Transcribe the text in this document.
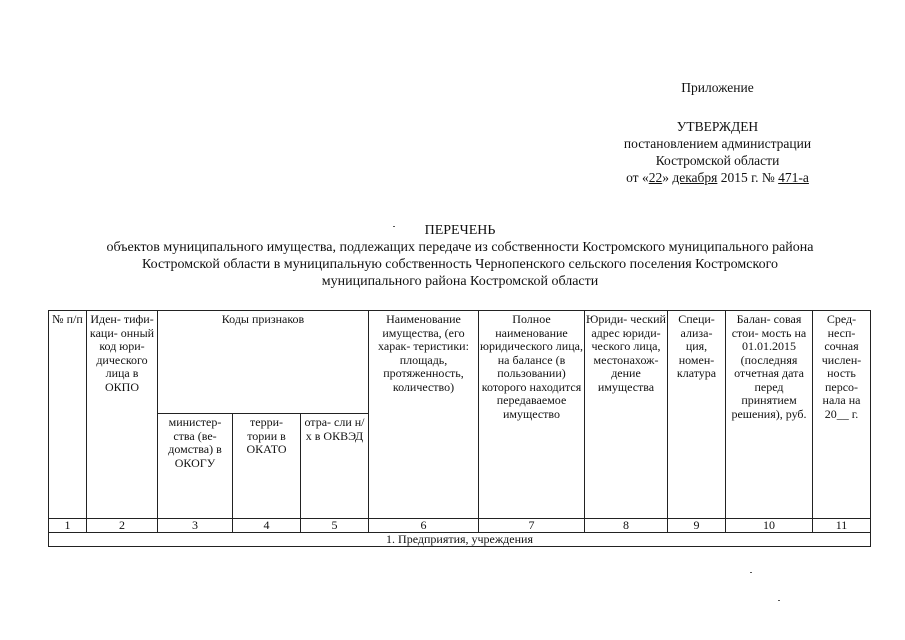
Приложение
УТВЕРЖДЕН
постановлением администрации
Костромской области
от «22» декабря 2015 г. № 471-а
ПЕРЕЧЕНЬ
объектов муниципального имущества, подлежащих передаче из собственности Костромского муниципального района
Костромской области в муниципальную собственность Чернопенского сельского поселения Костромского
муниципального района Костромской области
№ п/п	Иден- тифи- каци- онный код юри- дического лица в ОКПО	Коды признаков			Наименование имущества, (его харак- теристики: площадь, протяженность, количество)	Полное наименование юридического лица, на балансе (в пользовании) которого находится передаваемое имущество	Юриди- ческий адрес юриди- ческого лица, местонахож- дение имущества	Специ- ализа- ция, номен- клатура	Балан- совая стои- мость на 01.01.2015 (последняя отчетная дата перед принятием решения), руб.	Сред- несп- сочная числен- ность персо- нала на 20__ г.
		министер- ства (ве- домства) в ОКОГУ	терри- тории в ОКАТО	отра- сли н/х в ОКВЭД						
1	2	3	4	5	6	7	8	9	10	11
1. Предприятия, учреждения										
